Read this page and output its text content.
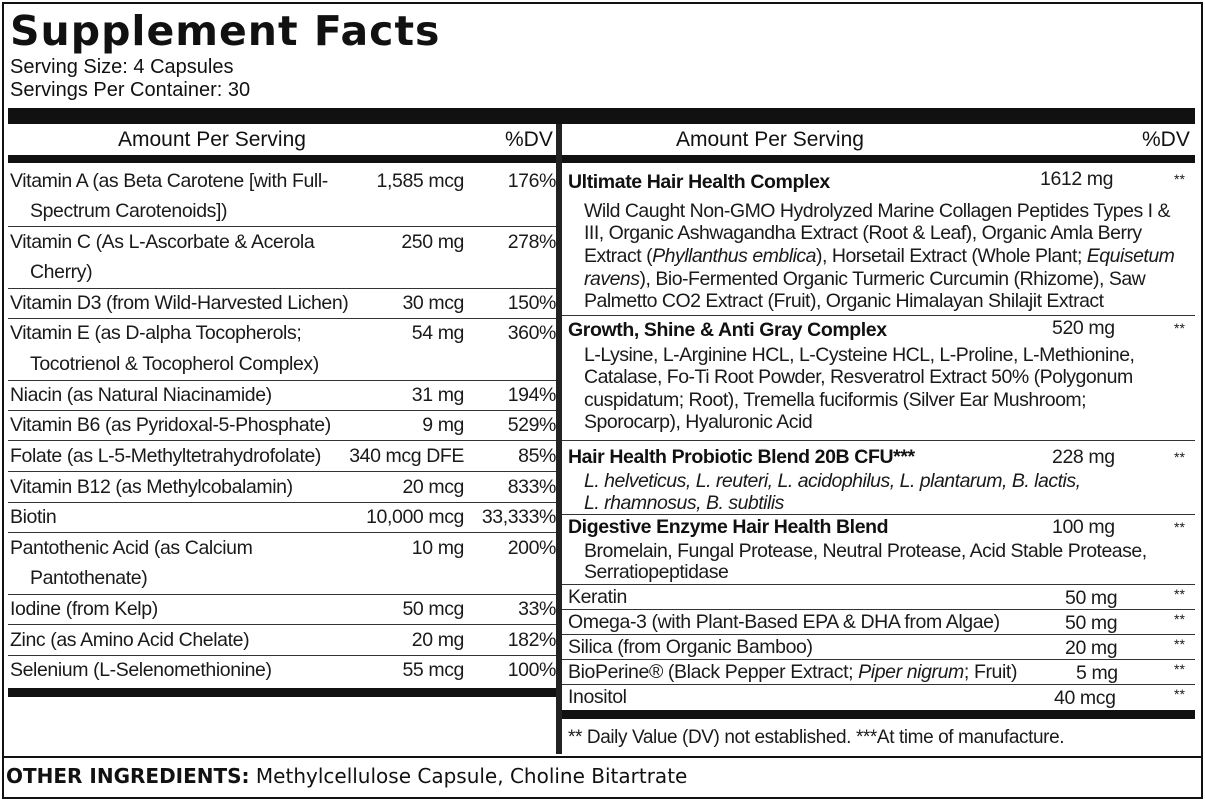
Supplement Facts
Serving Size: 4 Capsules
Servings Per Container: 30
Amount Per Serving	%DV	Amount Per Serving	%DV
Vitamin A (as Beta Carotene [with Full-
Spectrum Carotenoids])
1,585 mcg	176%
Vitamin C (As L-Ascorbate & Acerola
Cherry)
250 mg	278%
Vitamin D3 (from Wild-Harvested Lichen)	30 mcg	150%
Vitamin E (as D-alpha Tocopherols;
Tocotrienol & Tocopherol Complex)
54 mg	360%
Niacin (as Natural Niacinamide)	31 mg	194%
Vitamin B6 (as Pyridoxal-5-Phosphate)	9 mg	529%
Folate (as L-5-Methyltetrahydrofolate)	340 mcg DFE	85%
Vitamin B12 (as Methylcobalamin)	20 mcg	833%
Biotin	10,000 mcg 33,333%
Pantothenic Acid (as Calcium
Pantothenate)
10 mg	200%
Iodine (from Kelp)	50 mcg	33%
Zinc (as Amino Acid Chelate)	20 mg	182%
Selenium (L-Selenomethionine)	55 mcg	100%
Ultimate Hair Health Complex	1612 mg	**
Wild Caught Non-GMO Hydrolyzed Marine Collagen Peptides Types I &
III, Organic Ashwagandha Extract (Root & Leaf), Organic Amla Berry
Extract (Phyllanthus emblica), Horsetail Extract (Whole Plant; Equisetum
ravens), Bio-Fermented Organic Turmeric Curcumin (Rhizome), Saw
Palmetto CO2 Extract (Fruit), Organic Himalayan Shilajit Extract
Growth, Shine & Anti Gray Complex	520 mg	**
L-Lysine, L-Arginine HCL, L-Cysteine HCL, L-Proline, L-Methionine,
Catalase, Fo-Ti Root Powder, Resveratrol Extract 50% (Polygonum
cuspidatum; Root), Tremella fuciformis (Silver Ear Mushroom;
Sporocarp), Hyaluronic Acid
Hair Health Probiotic Blend 20B CFU***	228 mg	**
L. helveticus, L. reuteri, L. acidophilus, L. plantarum, B. lactis,
L. rhamnosus, B. subtilis
Digestive Enzyme Hair Health Blend	100 mg	**
Bromelain, Fungal Protease, Neutral Protease, Acid Stable Protease,
Serratiopeptidase
Keratin	50 mg	**
Omega-3 (with Plant-Based EPA & DHA from Algae)	50 mg	**
Silica (from Organic Bamboo)	20 mg	**
BioPerine® (Black Pepper Extract; Piper nigrum; Fruit)	5 mg	**
Inositol	40 mcg	**
** Daily Value (DV) not established. ***At time of manufacture.
OTHER INGREDIENTS: Methylcellulose Capsule, Choline Bitartrate
